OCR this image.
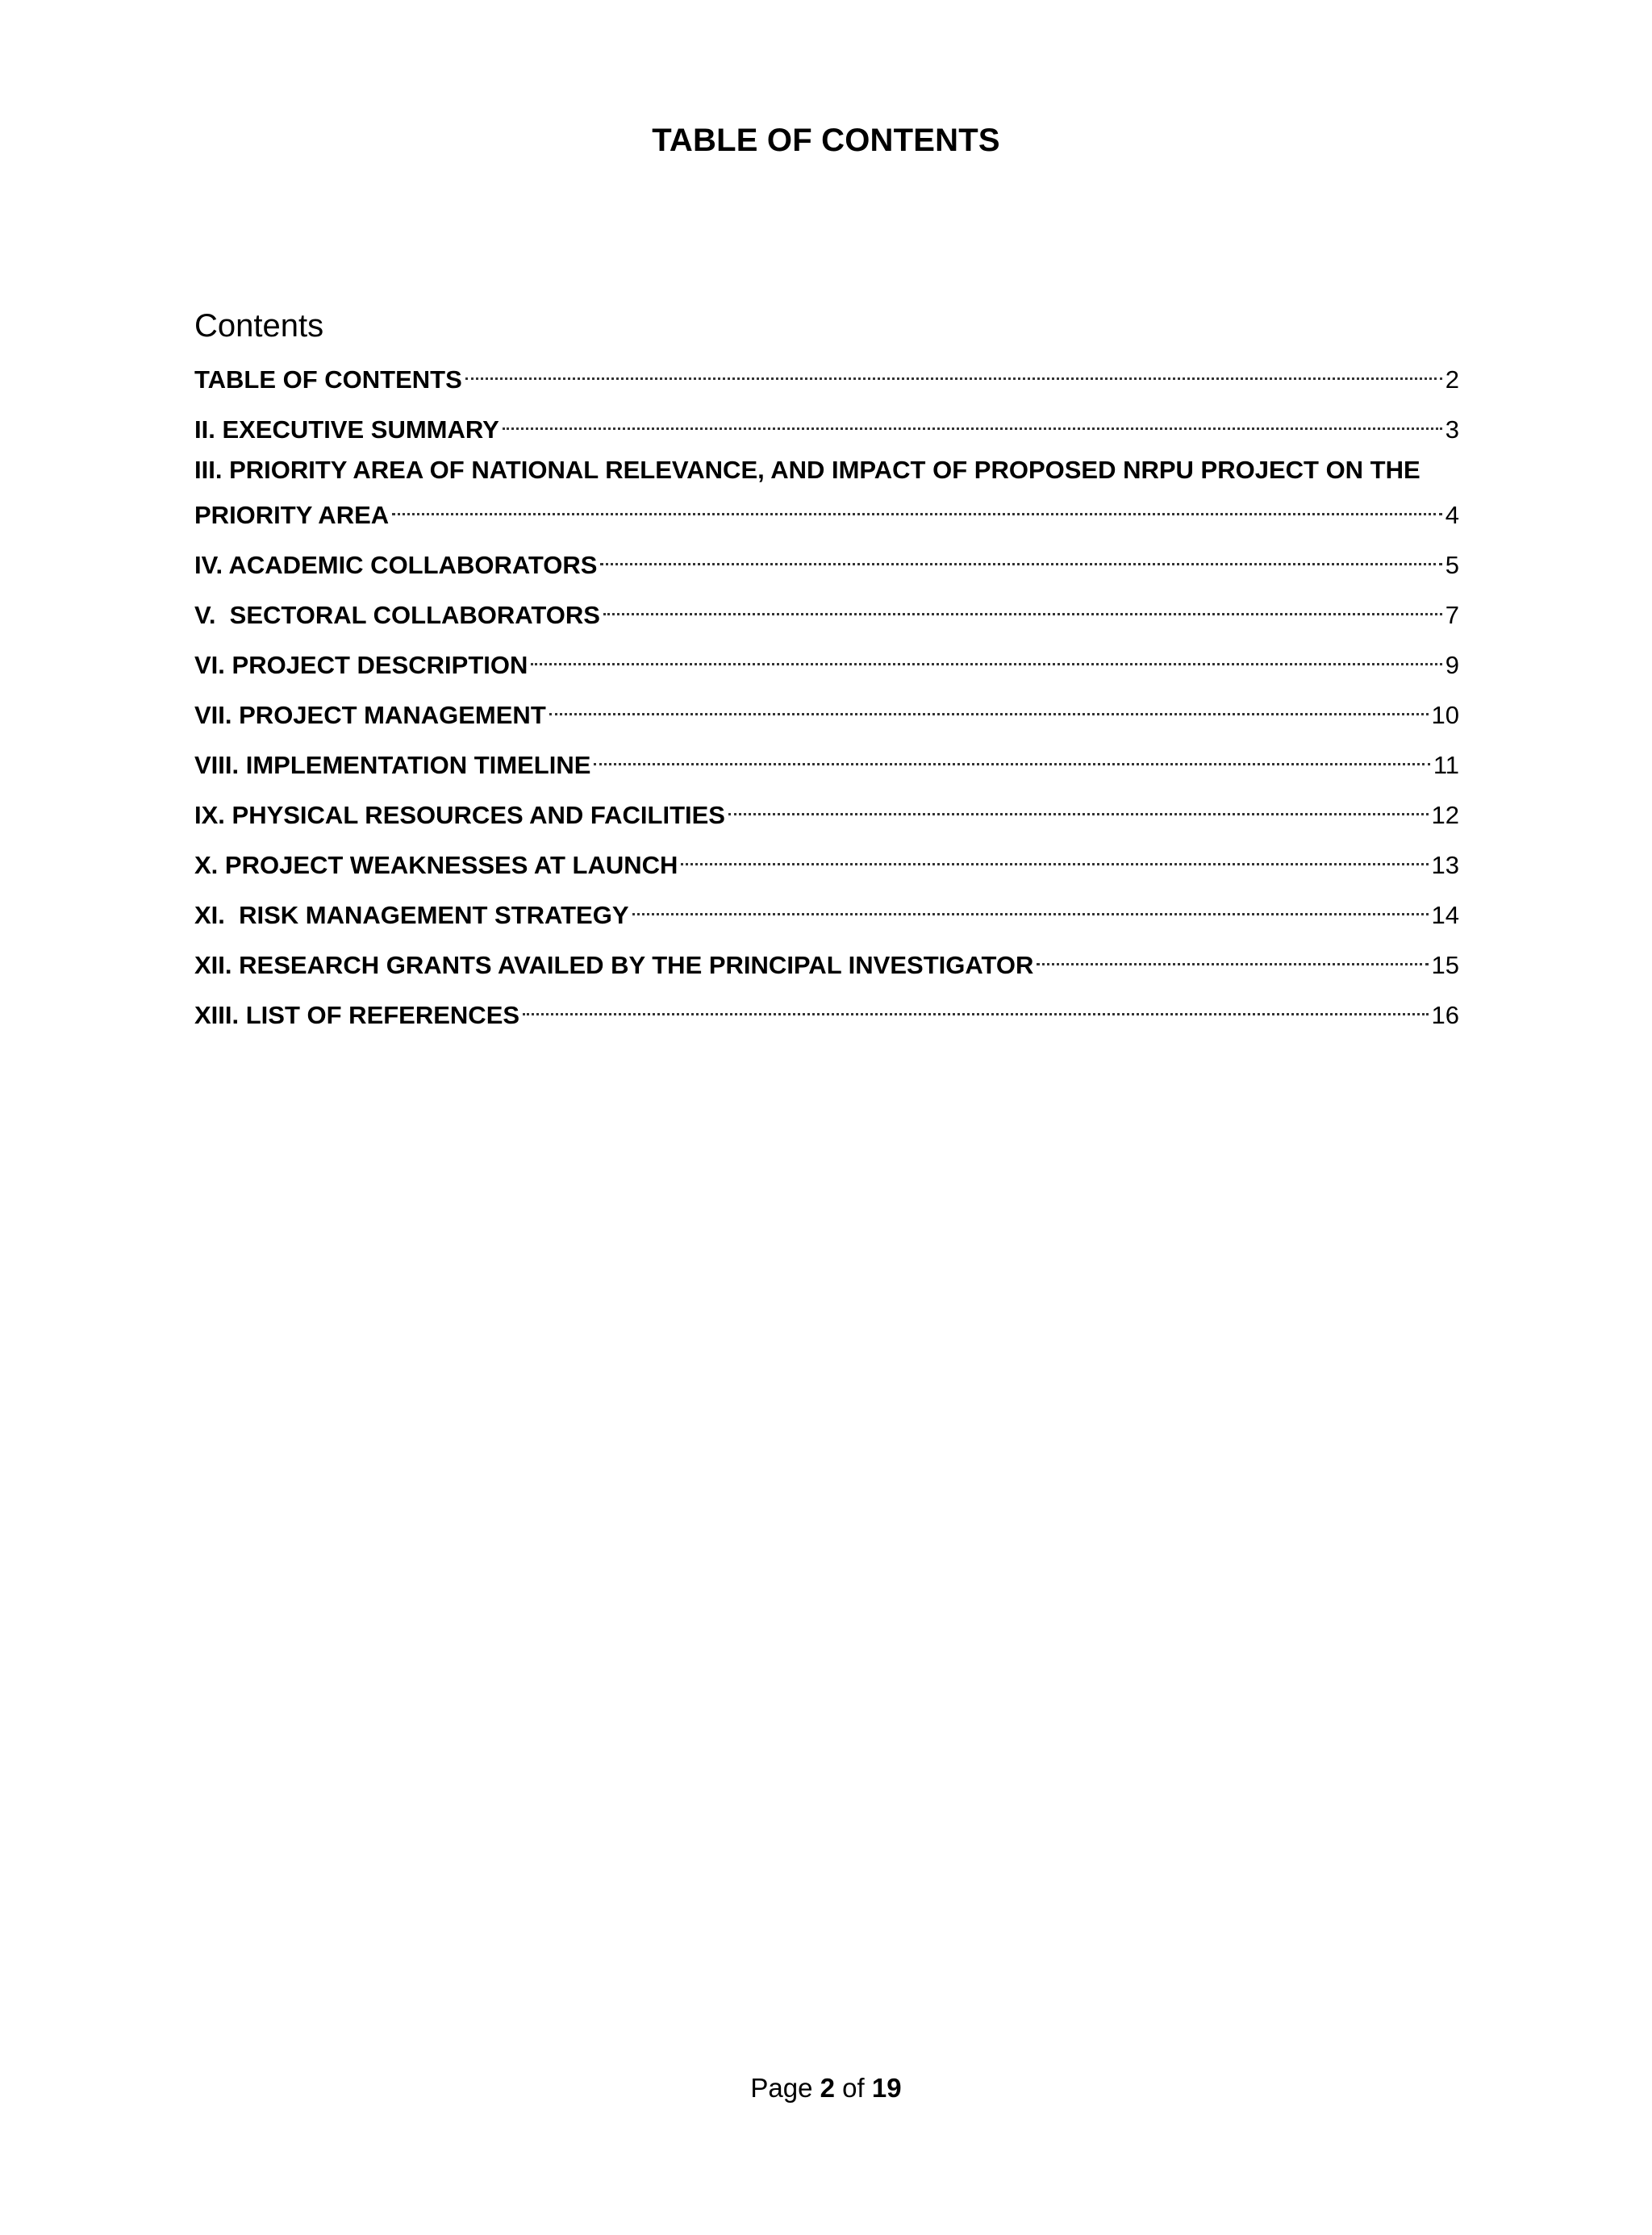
TABLE OF CONTENTS
Contents
TABLE OF CONTENTS	2
II. EXECUTIVE SUMMARY	3
III. PRIORITY AREA OF NATIONAL RELEVANCE, AND IMPACT OF PROPOSED NRPU PROJECT ON THE
PRIORITY AREA	4
IV. ACADEMIC COLLABORATORS	5
V.  SECTORAL COLLABORATORS	7
VI. PROJECT DESCRIPTION	9
VII. PROJECT MANAGEMENT	10
VIII. IMPLEMENTATION TIMELINE	11
IX. PHYSICAL RESOURCES AND FACILITIES	12
X. PROJECT WEAKNESSES AT LAUNCH	13
XI.  RISK MANAGEMENT STRATEGY	14
XII. RESEARCH GRANTS AVAILED BY THE PRINCIPAL INVESTIGATOR	15
XIII. LIST OF REFERENCES	16
Page 2 of 19
